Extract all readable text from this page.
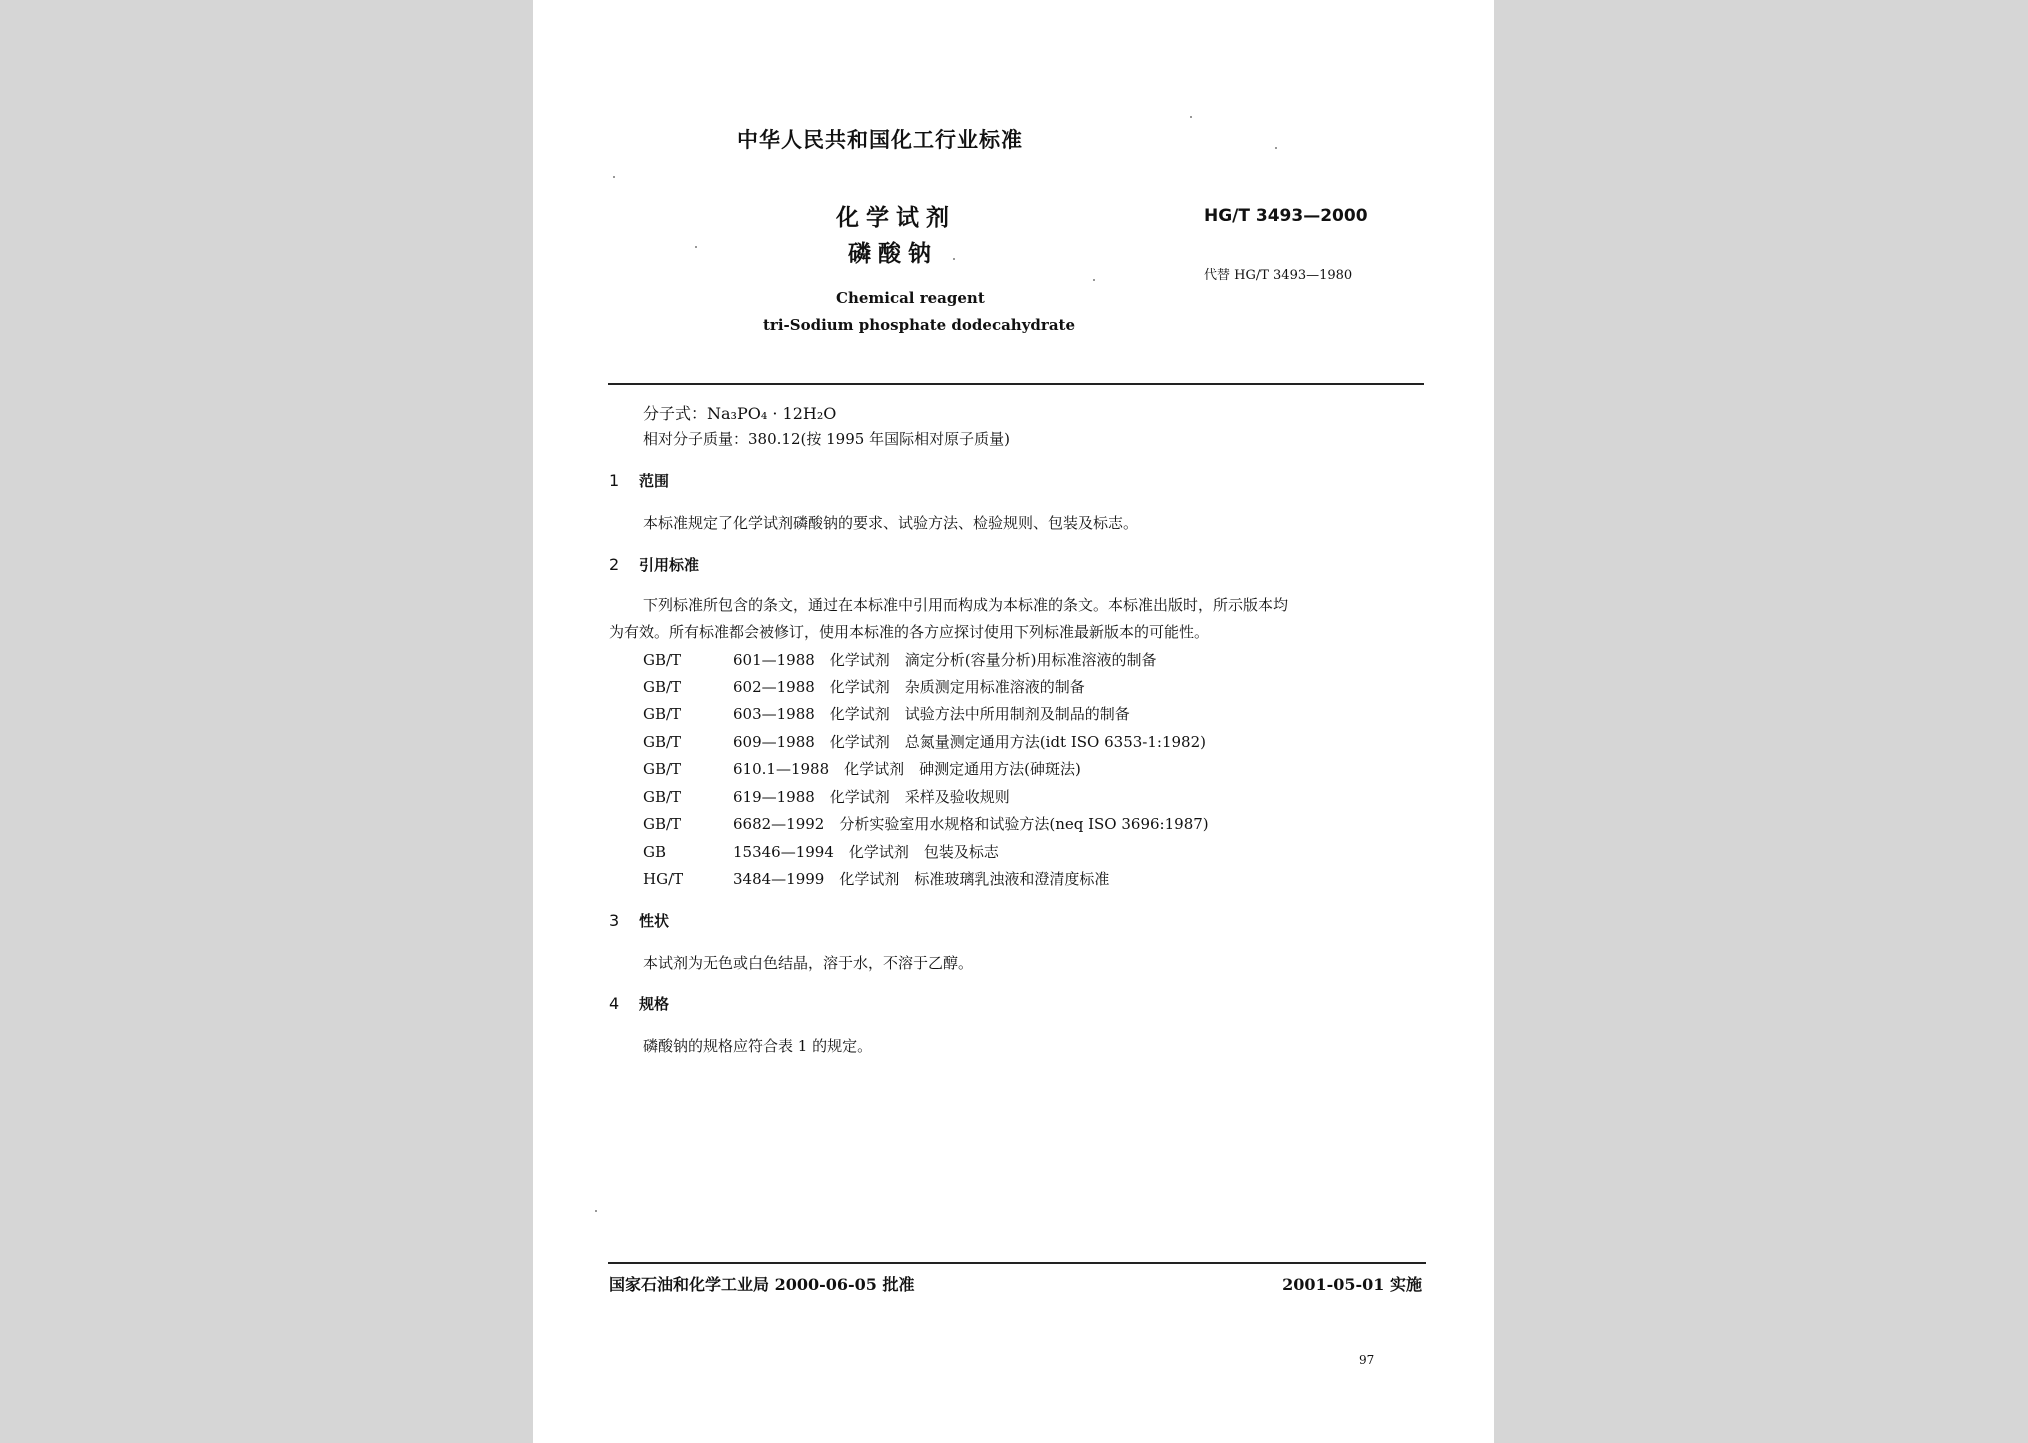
中华人民共和国化工行业标准
化学试剂
磷酸钠
HG/T 3493—2000
代替 HG/T 3493—1980
Chemical reagent
tri-Sodium phosphate dodecahydrate
分子式：Na₃PO₄ · 12H₂O
相对分子质量：380.12(按 1995 年国际相对原子质量)
1 范围
本标准规定了化学试剂磷酸钠的要求、试验方法、检验规则、包装及标志。
2 引用标准
下列标准所包含的条文，通过在本标准中引用而构成为本标准的条文。本标准出版时，所示版本均
为有效。所有标准都会被修订，使用本标准的各方应探讨使用下列标准最新版本的可能性。
GB/T	601—1988　化学试剂　滴定分析(容量分析)用标准溶液的制备
GB/T	602—1988　化学试剂　杂质测定用标准溶液的制备
GB/T	603—1988　化学试剂　试验方法中所用制剂及制品的制备
GB/T	609—1988　化学试剂　总氮量测定通用方法(idt ISO 6353-1:1982)
GB/T	610.1—1988　化学试剂　砷测定通用方法(砷斑法)
GB/T	619—1988　化学试剂　采样及验收规则
GB/T	6682—1992　分析实验室用水规格和试验方法(neq ISO 3696:1987)
GB	15346—1994　化学试剂　包装及标志
HG/T	3484—1999　化学试剂　标准玻璃乳浊液和澄清度标准
3 性状
本试剂为无色或白色结晶，溶于水，不溶于乙醇。
4 规格
磷酸钠的规格应符合表 1 的规定。
国家石油和化学工业局 2000-06-05 批准	2001-05-01 实施
97
